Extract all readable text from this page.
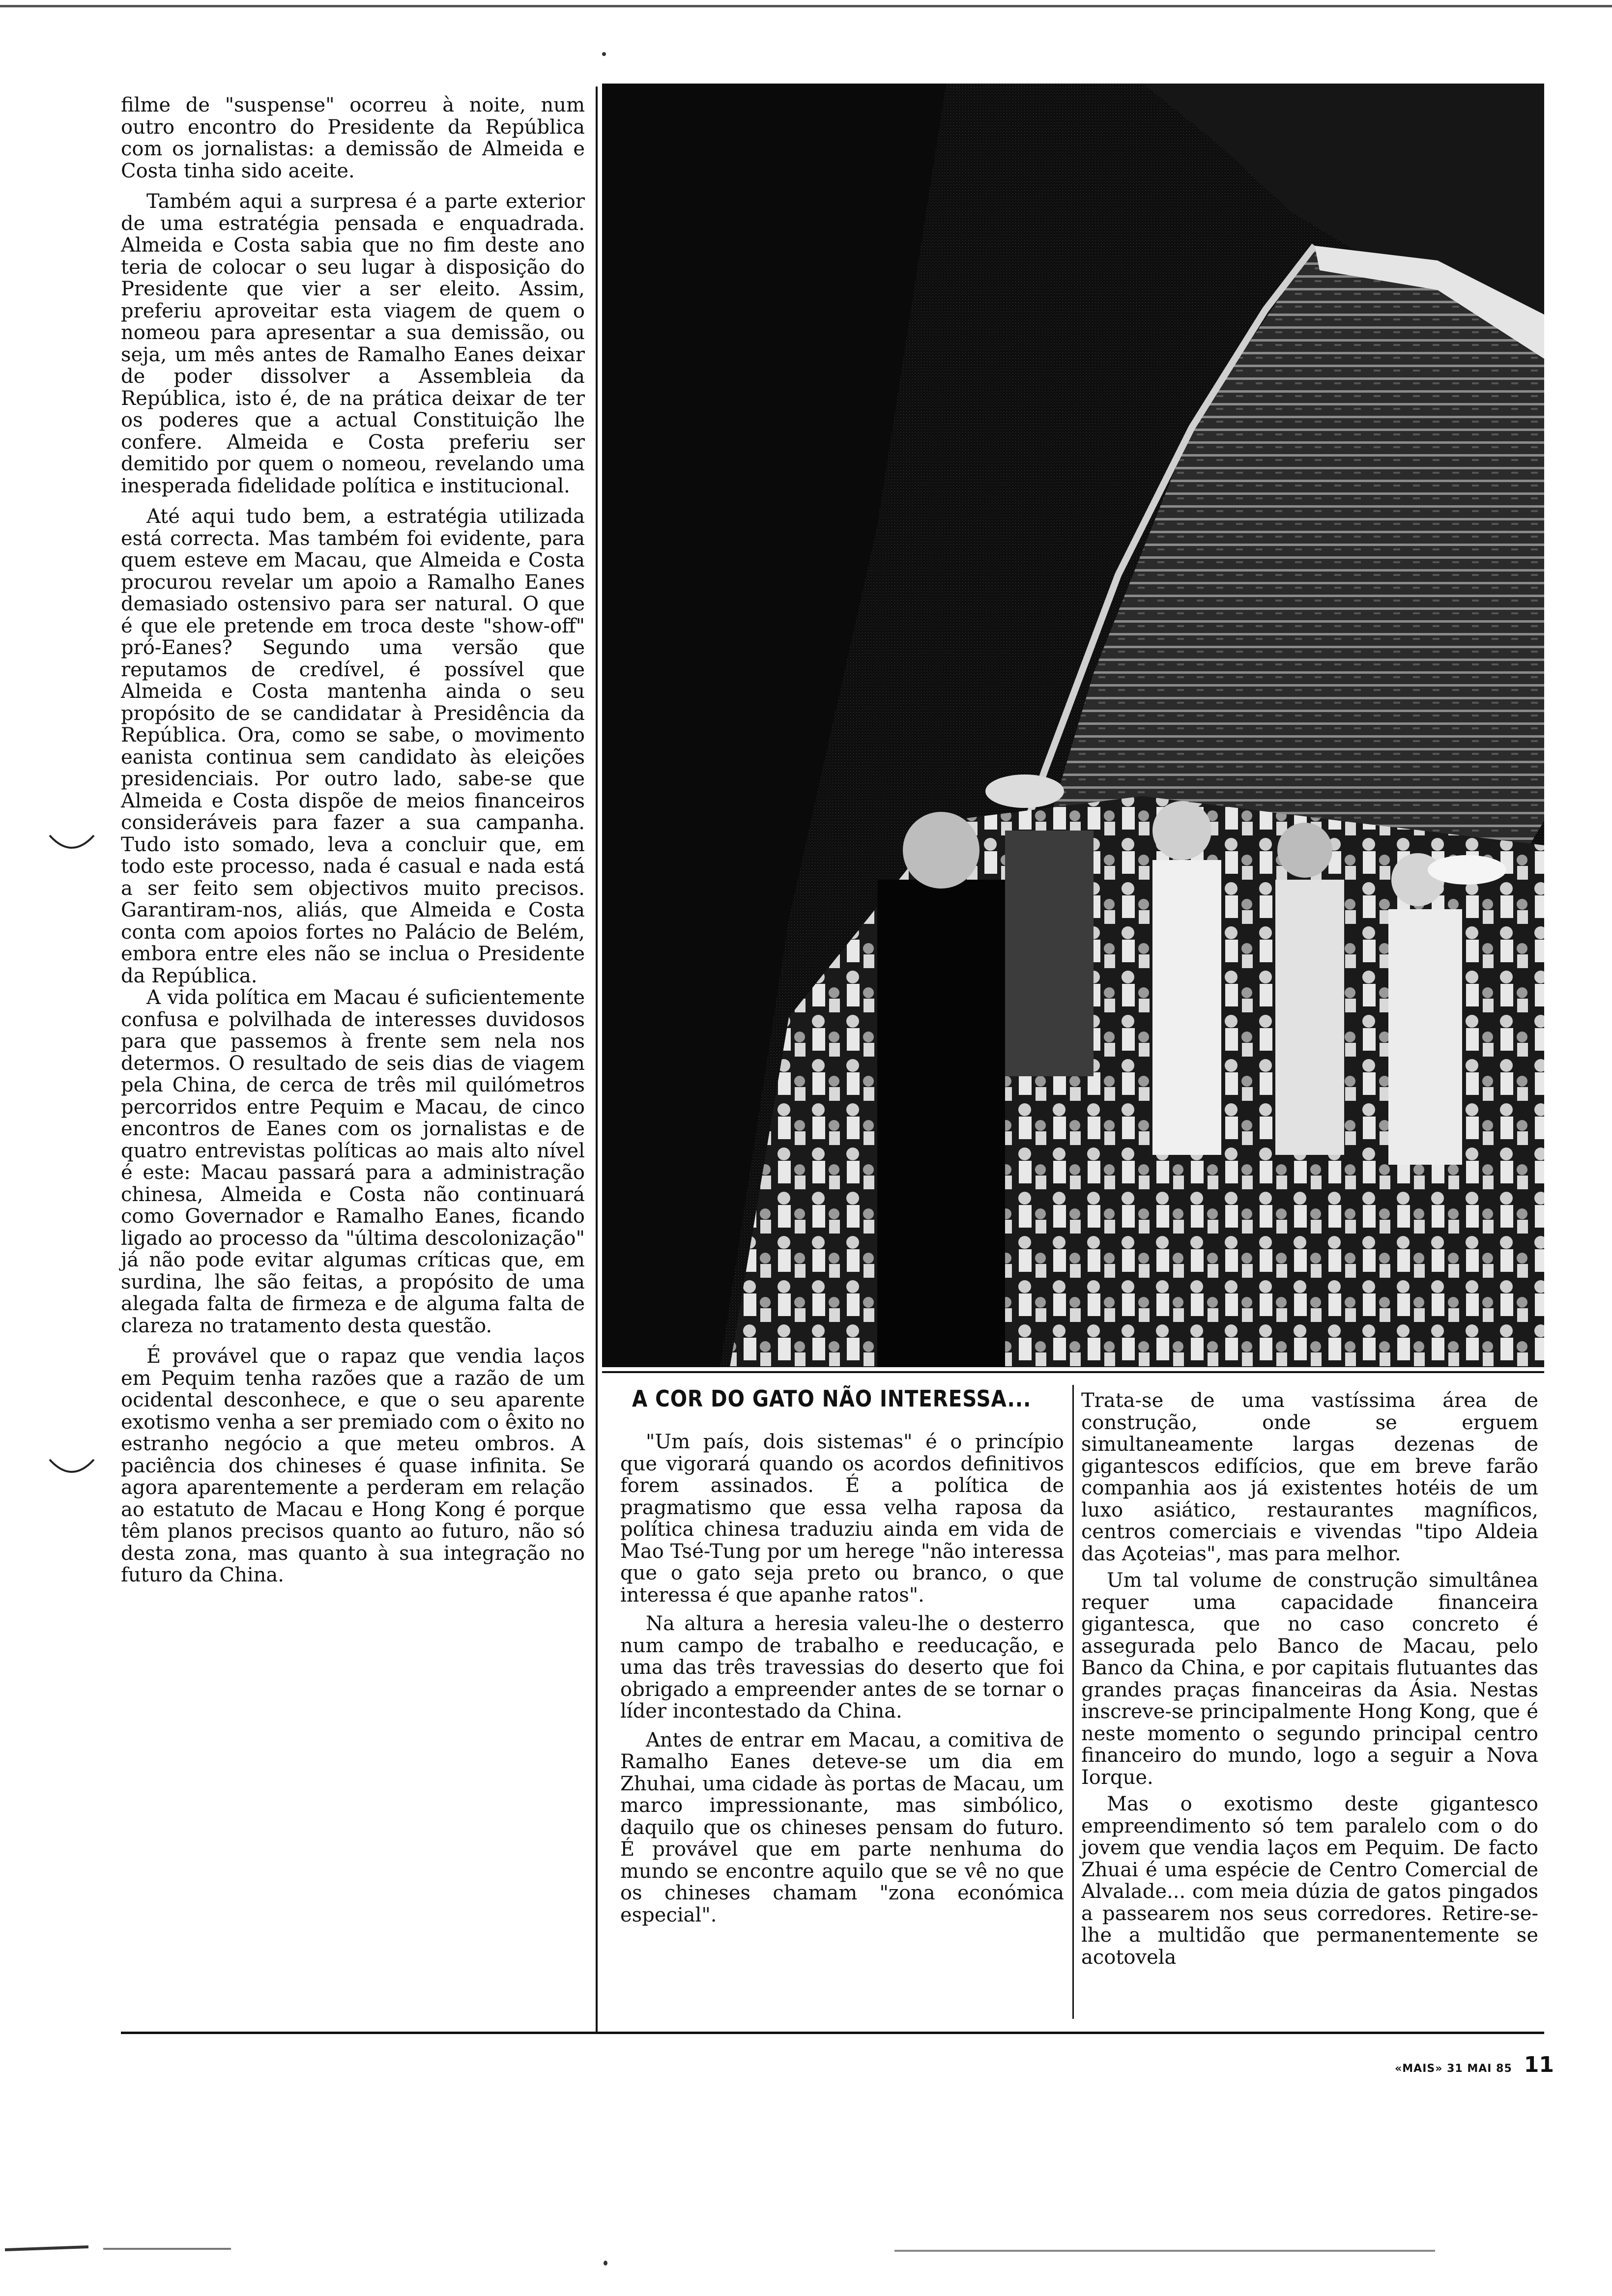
filme de "suspense" ocorreu à noite, num outro encontro do Presidente da República com os jornalistas: a demissão de Almeida e Costa tinha sido aceite.

Também aqui a surpresa é a parte exterior de uma estratégia pensada e enquadrada. Almeida e Costa sabia que no fim deste ano teria de colocar o seu lugar à disposição do Presidente que vier a ser eleito. Assim, preferiu aproveitar esta viagem de quem o nomeou para apresentar a sua demissão, ou seja, um mês antes de Ramalho Eanes deixar de poder dissolver a Assembleia da República, isto é, de na prática deixar de ter os poderes que a actual Constituição lhe confere. Almeida e Costa preferiu ser demitido por quem o nomeou, revelando uma inesperada fidelidade política e institucional.

Até aqui tudo bem, a estratégia utilizada está correcta. Mas também foi evidente, para quem esteve em Macau, que Almeida e Costa procurou revelar um apoio a Ramalho Eanes demasiado ostensivo para ser natural. O que é que ele pretende em troca deste "show-off" pró-Eanes? Segundo uma versão que reputamos de credível, é possível que Almeida e Costa mantenha ainda o seu propósito de se candidatar à Presidência da República. Ora, como se sabe, o movimento eanista continua sem candidato às eleições presidenciais. Por outro lado, sabe-se que Almeida e Costa dispõe de meios financeiros consideráveis para fazer a sua campanha. Tudo isto somado, leva a concluir que, em todo este processo, nada é casual e nada está a ser feito sem objectivos muito precisos. Garantiram-nos, aliás, que Almeida e Costa conta com apoios fortes no Palácio de Belém, embora entre eles não se inclua o Presidente da República.

A vida política em Macau é suficientemente confusa e polvilhada de interesses duvidosos para que passemos à frente sem nela nos determos. O resultado de seis dias de viagem pela China, de cerca de três mil quilómetros percorridos entre Pequim e Macau, de cinco encontros de Eanes com os jornalistas e de quatro entrevistas políticas ao mais alto nível é este: Macau passará para a administração chinesa, Almeida e Costa não continuará como Governador e Ramalho Eanes, ficando ligado ao processo da "última descolonização" já não pode evitar algumas críticas que, em surdina, lhe são feitas, a propósito de uma alegada falta de firmeza e de alguma falta de clareza no tratamento desta questão.

É provável que o rapaz que vendia laços em Pequim tenha razões que a razão de um ocidental desconhece, e que o seu aparente exotismo venha a ser premiado com o êxito no estranho negócio a que meteu ombros. A paciência dos chineses é quase infinita. Se agora aparentemente a perderam em relação ao estatuto de Macau e Hong Kong é porque têm planos precisos quanto ao futuro, não só desta zona, mas quanto à sua integração no futuro da China.

A COR DO GATO NÃO INTERESSA...

"Um país, dois sistemas" é o princípio que vigorará quando os acordos definitivos forem assinados. É a política de pragmatismo que essa velha raposa da política chinesa traduziu ainda em vida de Mao Tsé-Tung por um herege "não interessa que o gato seja preto ou branco, o que interessa é que apanhe ratos".

Na altura a heresia valeu-lhe o desterro num campo de trabalho e reeducação, e uma das três travessias do deserto que foi obrigado a empreender antes de se tornar o líder incontestado da China.

Antes de entrar em Macau, a comitiva de Ramalho Eanes deteve-se um dia em Zhuhai, uma cidade às portas de Macau, um marco impressionante, mas simbólico, daquilo que os chineses pensam do futuro. É provável que em parte nenhuma do mundo se encontre aquilo que se vê no que os chineses chamam "zona económica especial".

Trata-se de uma vastíssima área de construção, onde se erguem simultaneamente largas dezenas de gigantescos edifícios, que em breve farão companhia aos já existentes hotéis de um luxo asiático, restaurantes magníficos, centros comerciais e vivendas "tipo Aldeia das Açoteias", mas para melhor.

Um tal volume de construção simultânea requer uma capacidade financeira gigantesca, que no caso concreto é assegurada pelo Banco de Macau, pelo Banco da China, e por capitais flutuantes das grandes praças financeiras da Ásia. Nestas inscreve-se principalmente Hong Kong, que é neste momento o segundo principal centro financeiro do mundo, logo a seguir a Nova Iorque.

Mas o exotismo deste gigantesco empreendimento só tem paralelo com o do jovem que vendia laços em Pequim. De facto Zhuai é uma espécie de Centro Comercial de Alvalade... com meia dúzia de gatos pingados a passearem nos seus corredores. Retire-se-lhe a multidão que permanentemente se acotovela

«MAIS» 31 MAI 85 11
